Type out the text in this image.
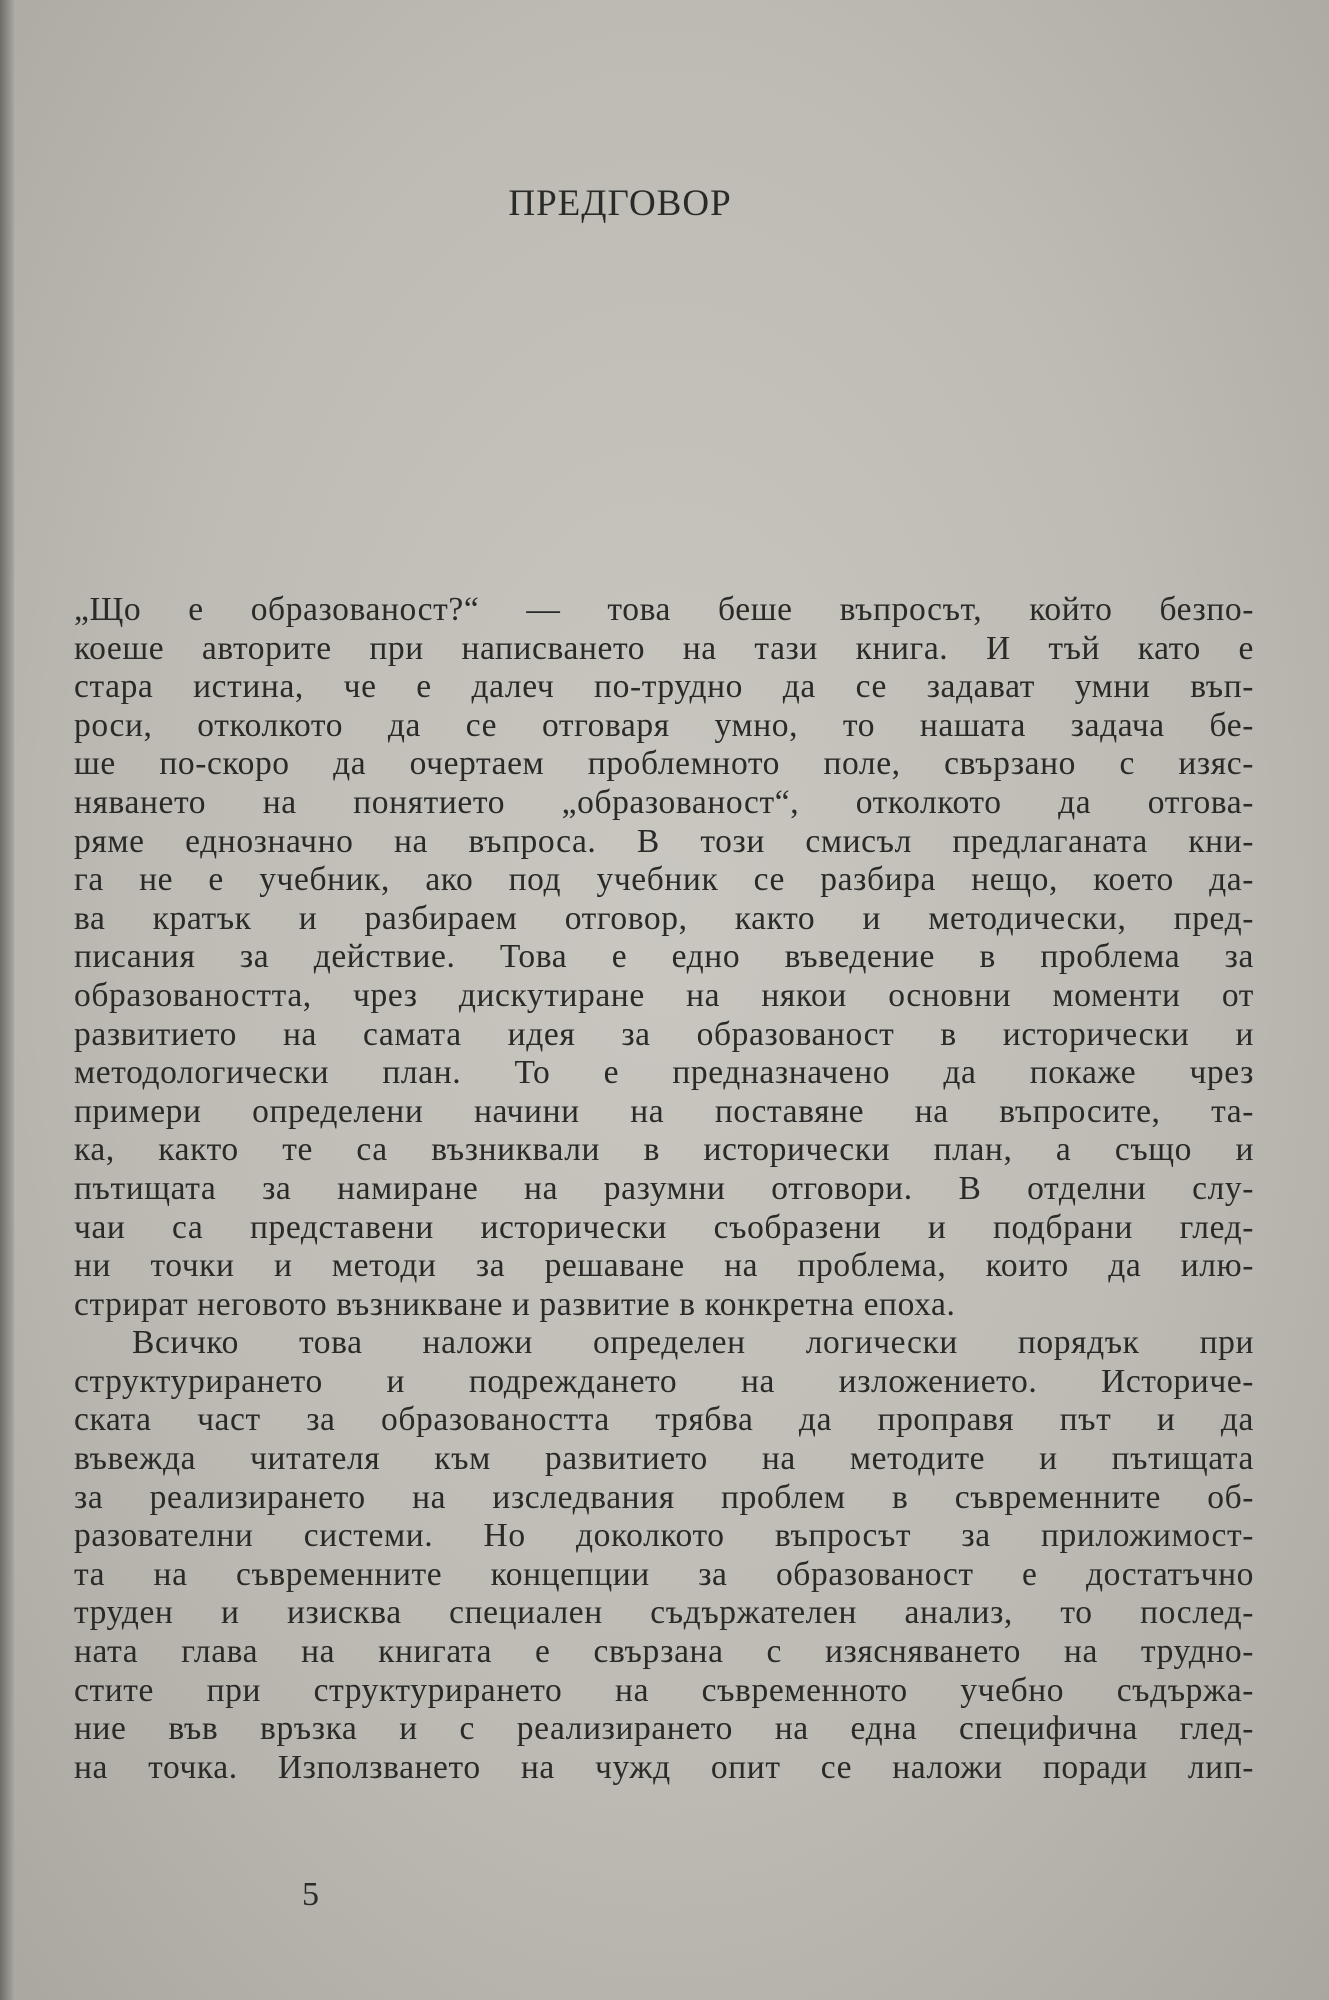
ПРЕДГОВОР
„Що е образованост?“ — това беше въпросът, който безпо-
коеше авторите при написването на тази книга. И тъй като е
стара истина, че е далеч по-трудно да се задават умни въп-
роси, отколкото да се отговаря умно, то нашата задача бе-
ше по-скоро да очертаем проблемното поле, свързано с изяс-
няването на понятието „образованост“, отколкото да отгова-
ряме еднозначно на въпроса. В този смисъл предлаганата кни-
га не е учебник, ако под учебник се разбира нещо, което да-
ва кратък и разбираем отговор, както и методически, пред-
писания за действие. Това е едно въведение в проблема за
образоваността, чрез дискутиране на някои основни моменти от
развитието на самата идея за образованост в исторически и
методологически план. То е предназначено да покаже чрез
примери определени начини на поставяне на въпросите, та-
ка, както те са възниквали в исторически план, а също и
пътищата за намиране на разумни отговори. В отделни слу-
чаи са представени исторически съобразени и подбрани глед-
ни точки и методи за решаване на проблема, които да илю-
стрират неговото възникване и развитие в конкретна епоха.
Всичко това наложи определен логически порядък при
структурирането и подреждането на изложението. Историче-
ската част за образоваността трябва да проправя път и да
въвежда читателя към развитието на методите и пътищата
за реализирането на изследвания проблем в съвременните об-
разователни системи. Но доколкото въпросът за приложимост-
та на съвременните концепции за образованост е достатъчно
труден и изисква специален съдържателен анализ, то послед-
ната глава на книгата е свързана с изясняването на трудно-
стите при структурирането на съвременното учебно съдържа-
ние във връзка и с реализирането на една специфична глед-
на точка. Използването на чужд опит се наложи поради лип-
5
